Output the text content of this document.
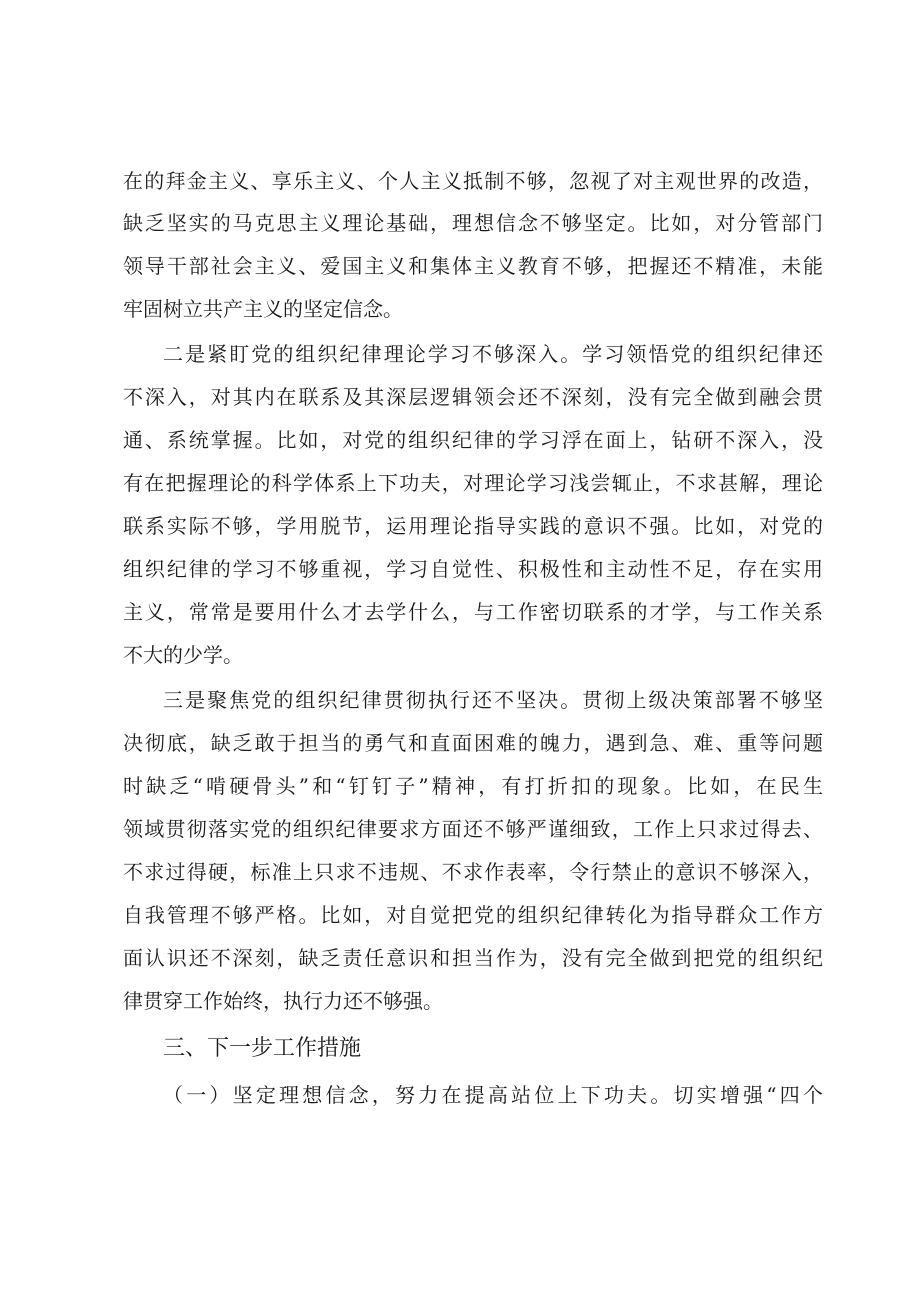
在的拜金主义、享乐主义、个人主义抵制不够，忽视了对主观世界的改造，
缺乏坚实的马克思主义理论基础，理想信念不够坚定。比如，对分管部门
领导干部社会主义、爱国主义和集体主义教育不够，把握还不精准，未能
牢固树立共产主义的坚定信念。
二是紧盯党的组织纪律理论学习不够深入。学习领悟党的组织纪律还
不深入，对其内在联系及其深层逻辑领会还不深刻，没有完全做到融会贯
通、系统掌握。比如，对党的组织纪律的学习浮在面上，钻研不深入，没
有在把握理论的科学体系上下功夫，对理论学习浅尝辄止，不求甚解，理论
联系实际不够，学用脱节，运用理论指导实践的意识不强。比如，对党的
组织纪律的学习不够重视，学习自觉性、积极性和主动性不足，存在实用
主义，常常是要用什么才去学什么，与工作密切联系的才学，与工作关系
不大的少学。
三是聚焦党的组织纪律贯彻执行还不坚决。贯彻上级决策部署不够坚
决彻底，缺乏敢于担当的勇气和直面困难的魄力，遇到急、难、重等问题
时缺乏“啃硬骨头”和“钉钉子”精神，有打折扣的现象。比如，在民生
领域贯彻落实党的组织纪律要求方面还不够严谨细致，工作上只求过得去、
不求过得硬，标准上只求不违规、不求作表率，令行禁止的意识不够深入，
自我管理不够严格。比如，对自觉把党的组织纪律转化为指导群众工作方
面认识还不深刻，缺乏责任意识和担当作为，没有完全做到把党的组织纪
律贯穿工作始终，执行力还不够强。
三、下一步工作措施
（一）坚定理想信念，努力在提高站位上下功夫。切实增强“四个
